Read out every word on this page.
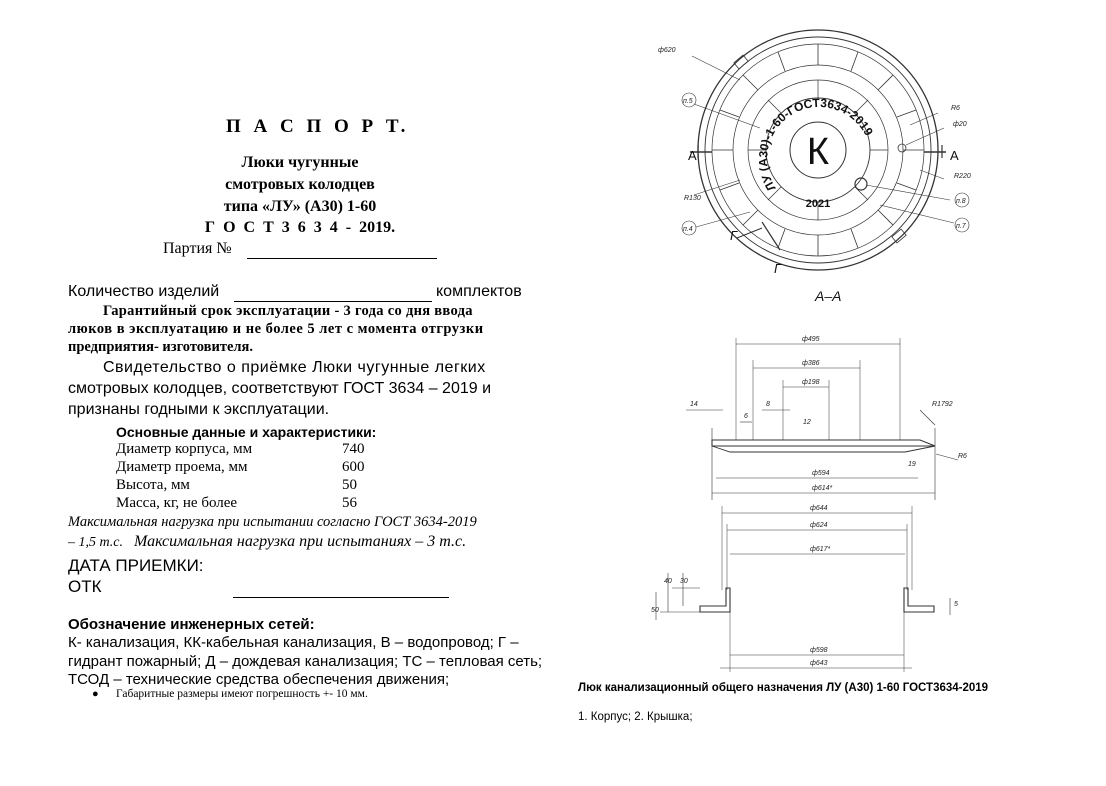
П А С П О Р Т.
Люки чугунные
смотровых колодцев
типа «ЛУ» (А30) 1-60
Г О С Т 3 6 3 4 - 2019.
Партия №
Количество изделий	комплектов
Гарантийный срок эксплуатации - 3 года со дня ввода
люков в эксплуатацию и не более 5 лет с момента отгрузки
предприятия- изготовителя.
Свидетельство о приёмке Люки чугунные легких
смотровых колодцев, соответствуют ГОСТ 3634 – 2019 и
признаны годными к эксплуатации.
Основные данные и характеристики:
Диаметр корпуса, мм	740
Диаметр проема, мм	600
Высота, мм	50
Масса, кг, не более	56
Максимальная нагрузка при испытании согласно ГОСТ 3634-2019
– 1,5 т.с. Максимальная нагрузка при испытаниях – 3 т.с.
ДАТА ПРИЕМКИ:
ОТК
Обозначение инженерных сетей:
К- канализация, КК-кабельная канализация, В – водопровод; Г –
гидрант пожарный; Д – дождевая канализация; ТС – тепловая сеть;
ТСОД – технические средства обеспечения движения;
● Габаритные размеры имеют погрешность +- 10 мм.
ф620
п.5
R6
ф20
R220
R130	п.8
п.7
п.4
ф495
ф386
ф198
R1792
R6
ф594
ф614*
14
6
8
12
19
ф644
ф624
ф617*
ф598
ф643
40 30
50
5
К
2021
А	А
Г
Г
А–А
ЛУ (А30)-1-60-ГОСТ3634-2019
Люк канализационный общего назначения ЛУ (А30) 1-60 ГОСТ3634-2019
1. Корпус; 2. Крышка;
